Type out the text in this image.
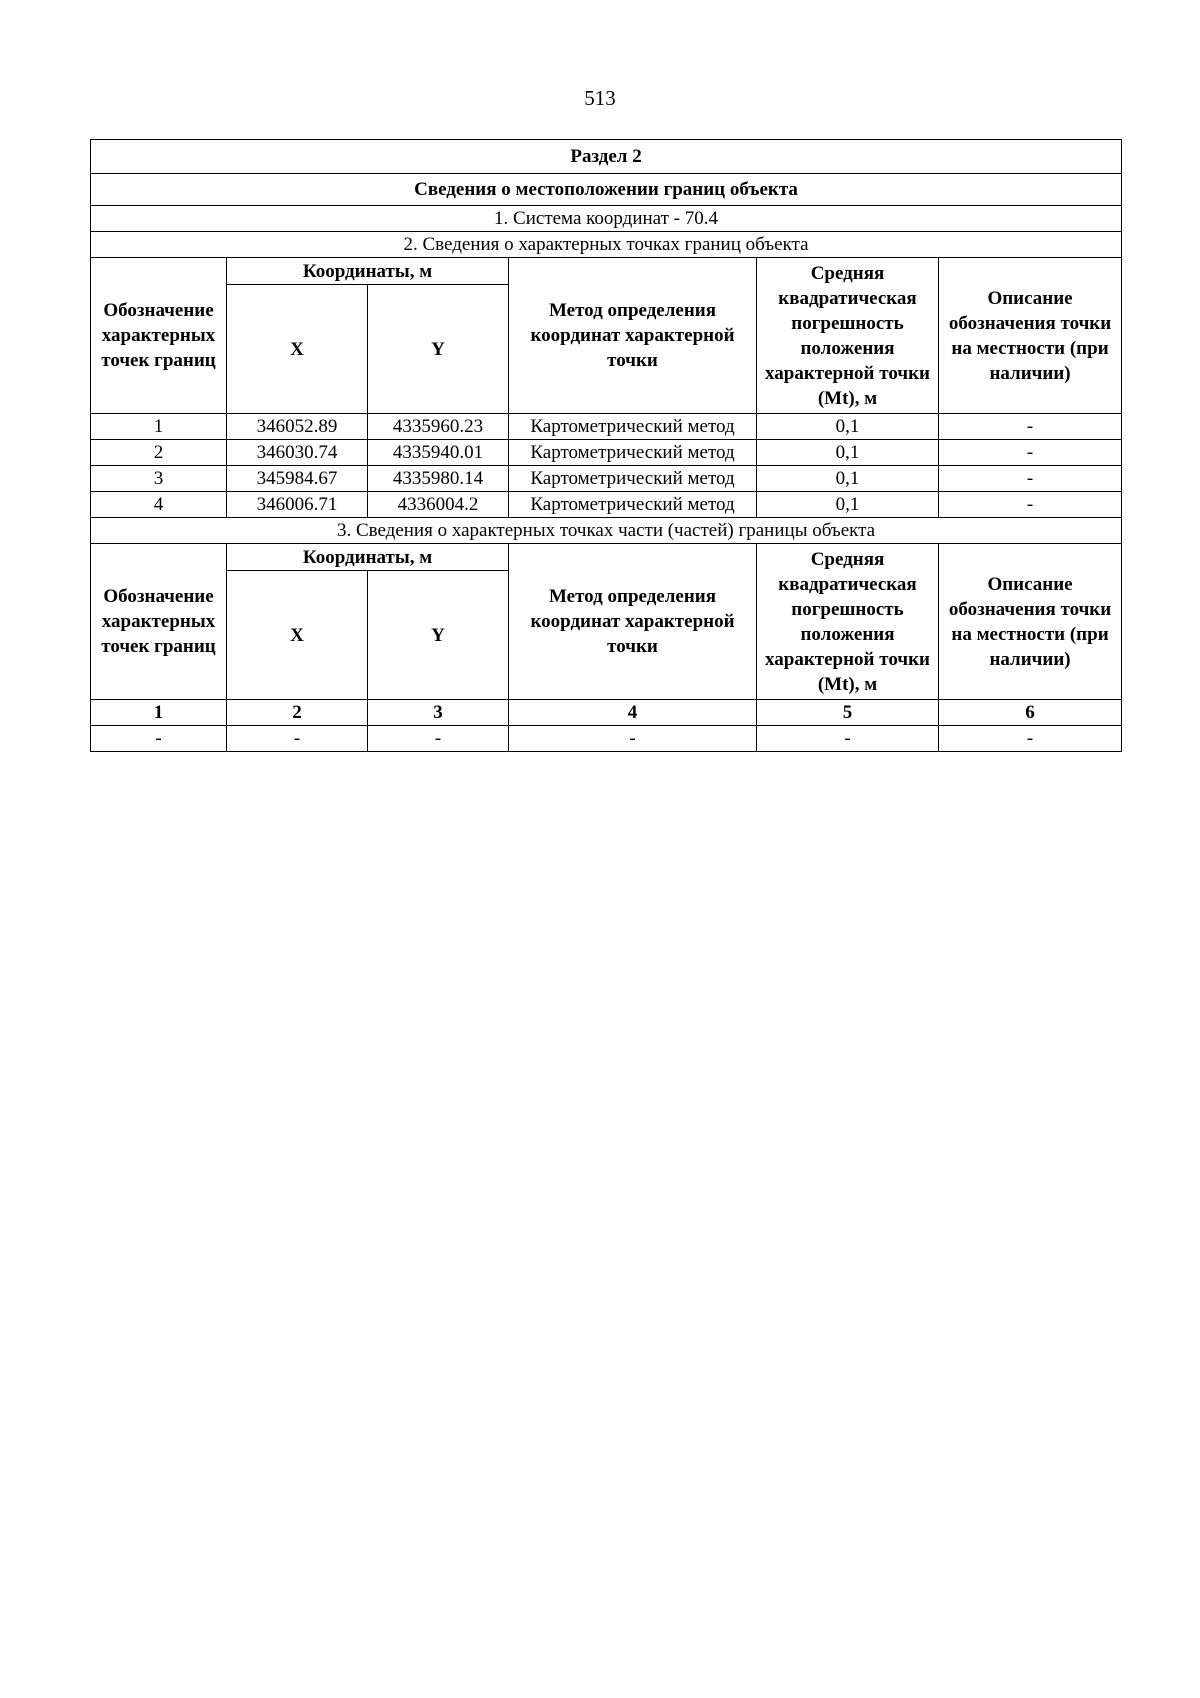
513
Раздел 2					
Сведения о местоположении границ объекта					
1. Система координат - 70.4					
2. Сведения о характерных точках границ объекта					
Обозначение характерных точек границ	Координаты, м		Метод определения координат характерной точки	Средняя квадратическая погрешность положения характерной точки (Mt), м	Описание обозначения точки на местности (при наличии)
	X	Y			
1	346052.89	4335960.23	Картометрический метод	0,1	-
2	346030.74	4335940.01	Картометрический метод	0,1	-
3	345984.67	4335980.14	Картометрический метод	0,1	-
4	346006.71	4336004.2	Картометрический метод	0,1	-
3. Сведения о характерных точках части (частей) границы объекта					
Обозначение характерных точек границ	Координаты, м		Метод определения координат характерной точки	Средняя квадратическая погрешность положения характерной точки (Mt), м	Описание обозначения точки на местности (при наличии)
	X	Y			
1	2	3	4	5	6
-	-	-	-	-	-
